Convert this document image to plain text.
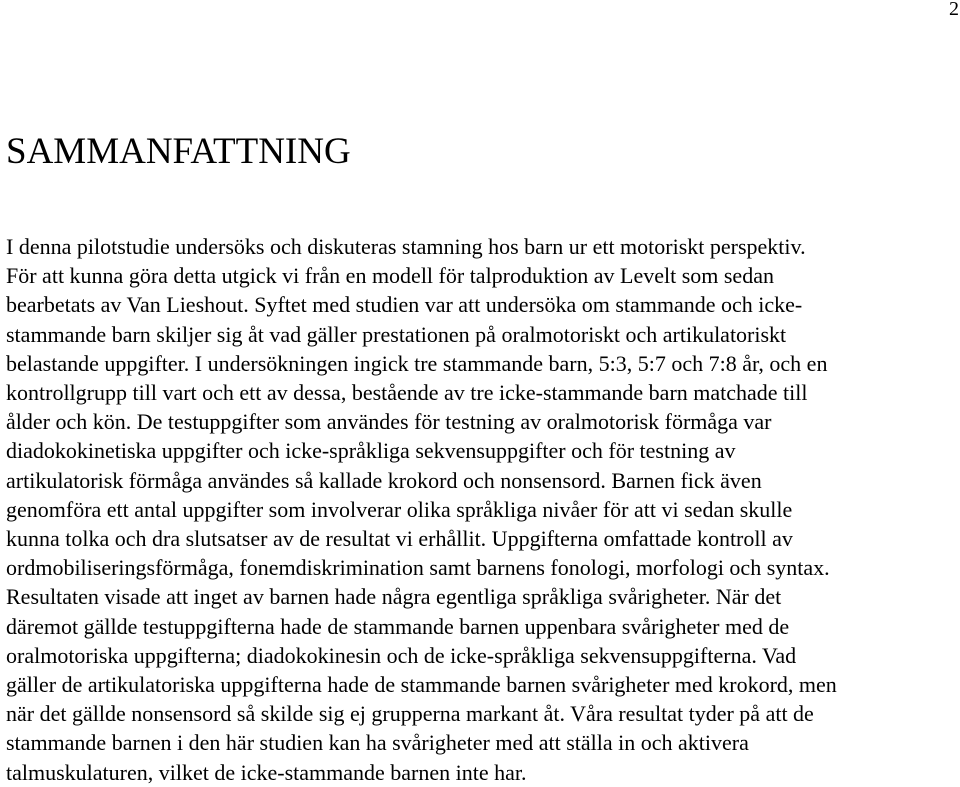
2
SAMMANFATTNING

I denna pilotstudie undersöks och diskuteras stamning hos barn ur ett motoriskt perspektiv.
För att kunna göra detta utgick vi från en modell för talproduktion av Levelt som sedan
bearbetats av Van Lieshout. Syftet med studien var att undersöka om stammande och icke-
stammande barn skiljer sig åt vad gäller prestationen på oralmotoriskt och artikulatoriskt
belastande uppgifter. I undersökningen ingick tre stammande barn, 5:3, 5:7 och 7:8 år, och en
kontrollgrupp till vart och ett av dessa, bestående av tre icke-stammande barn matchade till
ålder och kön. De testuppgifter som användes för testning av oralmotorisk förmåga var
diadokokinetiska uppgifter och icke-språkliga sekvensuppgifter och för testning av
artikulatorisk förmåga användes så kallade krokord och nonsensord. Barnen fick även
genomföra ett antal uppgifter som involverar olika språkliga nivåer för att vi sedan skulle
kunna tolka och dra slutsatser av de resultat vi erhållit. Uppgifterna omfattade kontroll av
ordmobiliseringsförmåga, fonemdiskrimination samt barnens fonologi, morfologi och syntax.
Resultaten visade att inget av barnen hade några egentliga språkliga svårigheter. När det
däremot gällde testuppgifterna hade de stammande barnen uppenbara svårigheter med de
oralmotoriska uppgifterna; diadokokinesin och de icke-språkliga sekvensuppgifterna. Vad
gäller de artikulatoriska uppgifterna hade de stammande barnen svårigheter med krokord, men
när det gällde nonsensord så skilde sig ej grupperna markant åt. Våra resultat tyder på att de
stammande barnen i den här studien kan ha svårigheter med att ställa in och aktivera
talmuskulaturen, vilket de icke-stammande barnen inte har.
